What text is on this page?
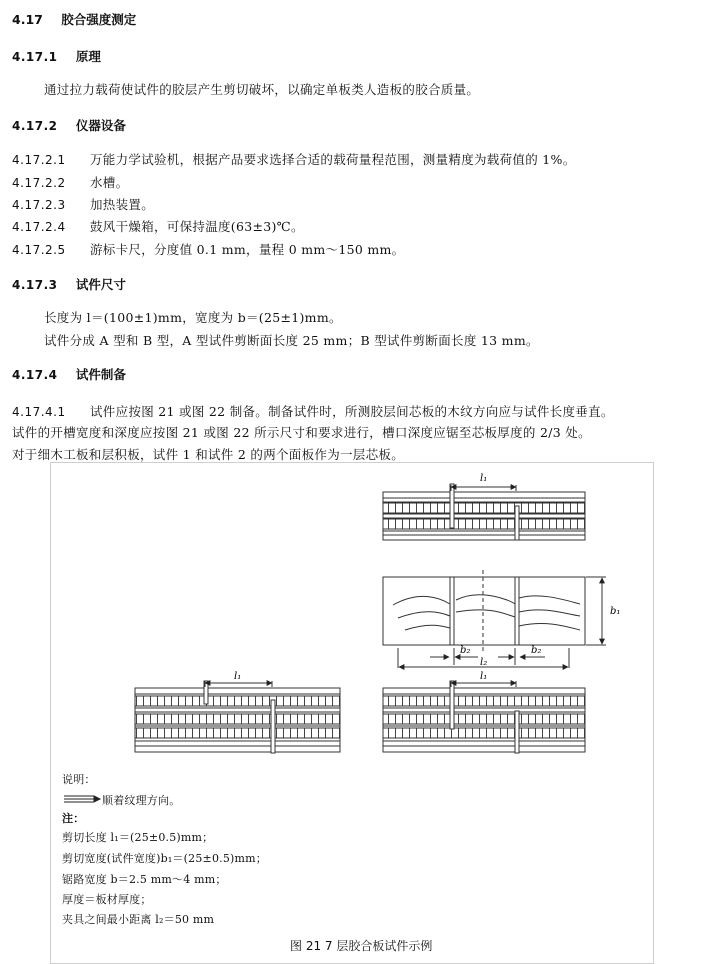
4.17 胶合强度测定
4.17.1 原理
通过拉力载荷使试件的胶层产生剪切破坏，以确定单板类人造板的胶合质量。
4.17.2 仪器设备
4.17.2.1 万能力学试验机，根据产品要求选择合适的载荷量程范围，测量精度为载荷值的 1%。
4.17.2.2 水槽。
4.17.2.3 加热装置。
4.17.2.4 鼓风干燥箱，可保持温度(63±3)℃。
4.17.2.5 游标卡尺，分度值 0.1 mm，量程 0 mm～150 mm。
4.17.3 试件尺寸
长度为 l＝(100±1)mm，宽度为 b＝(25±1)mm。
试件分成 A 型和 B 型，A 型试件剪断面长度 25 mm；B 型试件剪断面长度 13 mm。
4.17.4 试件制备
4.17.4.1 试件应按图 21 或图 22 制备。制备试件时，所测胶层间芯板的木纹方向应与试件长度垂直。
试件的开槽宽度和深度应按图 21 或图 22 所示尺寸和要求进行，槽口深度应锯至芯板厚度的 2/3 处。
对于细木工板和层积板，试件 1 和试件 2 的两个面板作为一层芯板。
l₁
b₁
b₂	b₂
l₂
l₁
l₁
说明：
顺着纹理方向。
注：
剪切长度 l₁＝(25±0.5)mm；
剪切宽度(试件宽度)b₁＝(25±0.5)mm；
锯路宽度 b＝2.5 mm～4 mm；
厚度＝板材厚度；
夹具之间最小距离 l₂＝50 mm
图 21 7 层胶合板试件示例
